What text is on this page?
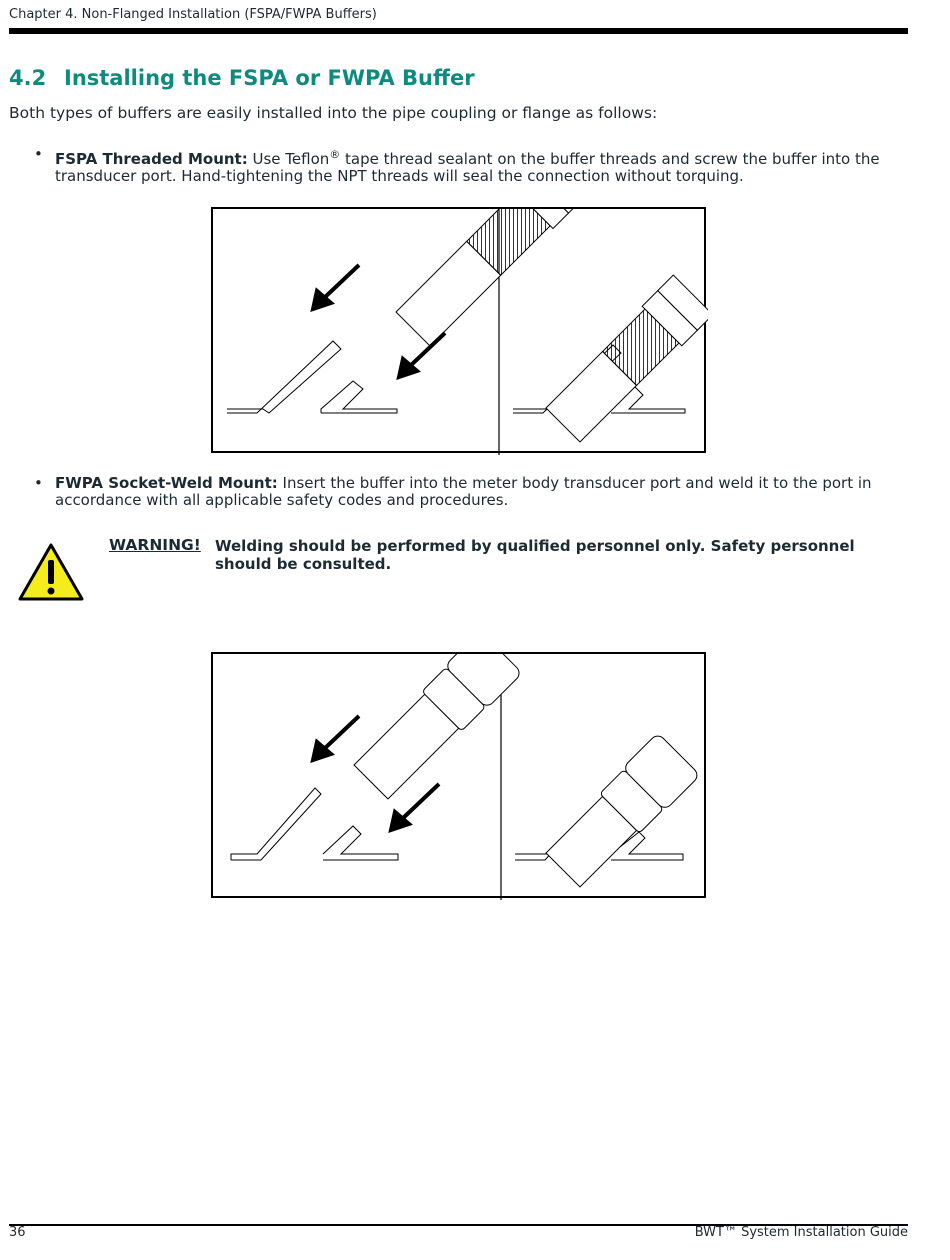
Chapter 4. Non-Flanged Installation (FSPA/FWPA Buffers)
4.2 Installing the FSPA or FWPA Buffer
Both types of buffers are easily installed into the pipe coupling or flange as follows:
• FSPA Threaded Mount: Use Teflon® tape thread sealant on the buffer threads and screw the buffer into the transducer port. Hand-tightening the NPT threads will seal the connection without torquing.
• FWPA Socket-Weld Mount: Insert the buffer into the meter body transducer port and weld it to the port in accordance with all applicable safety codes and procedures.
WARNING! Welding should be performed by qualified personnel only. Safety personnel should be consulted.
36	BWT™ System Installation Guide
